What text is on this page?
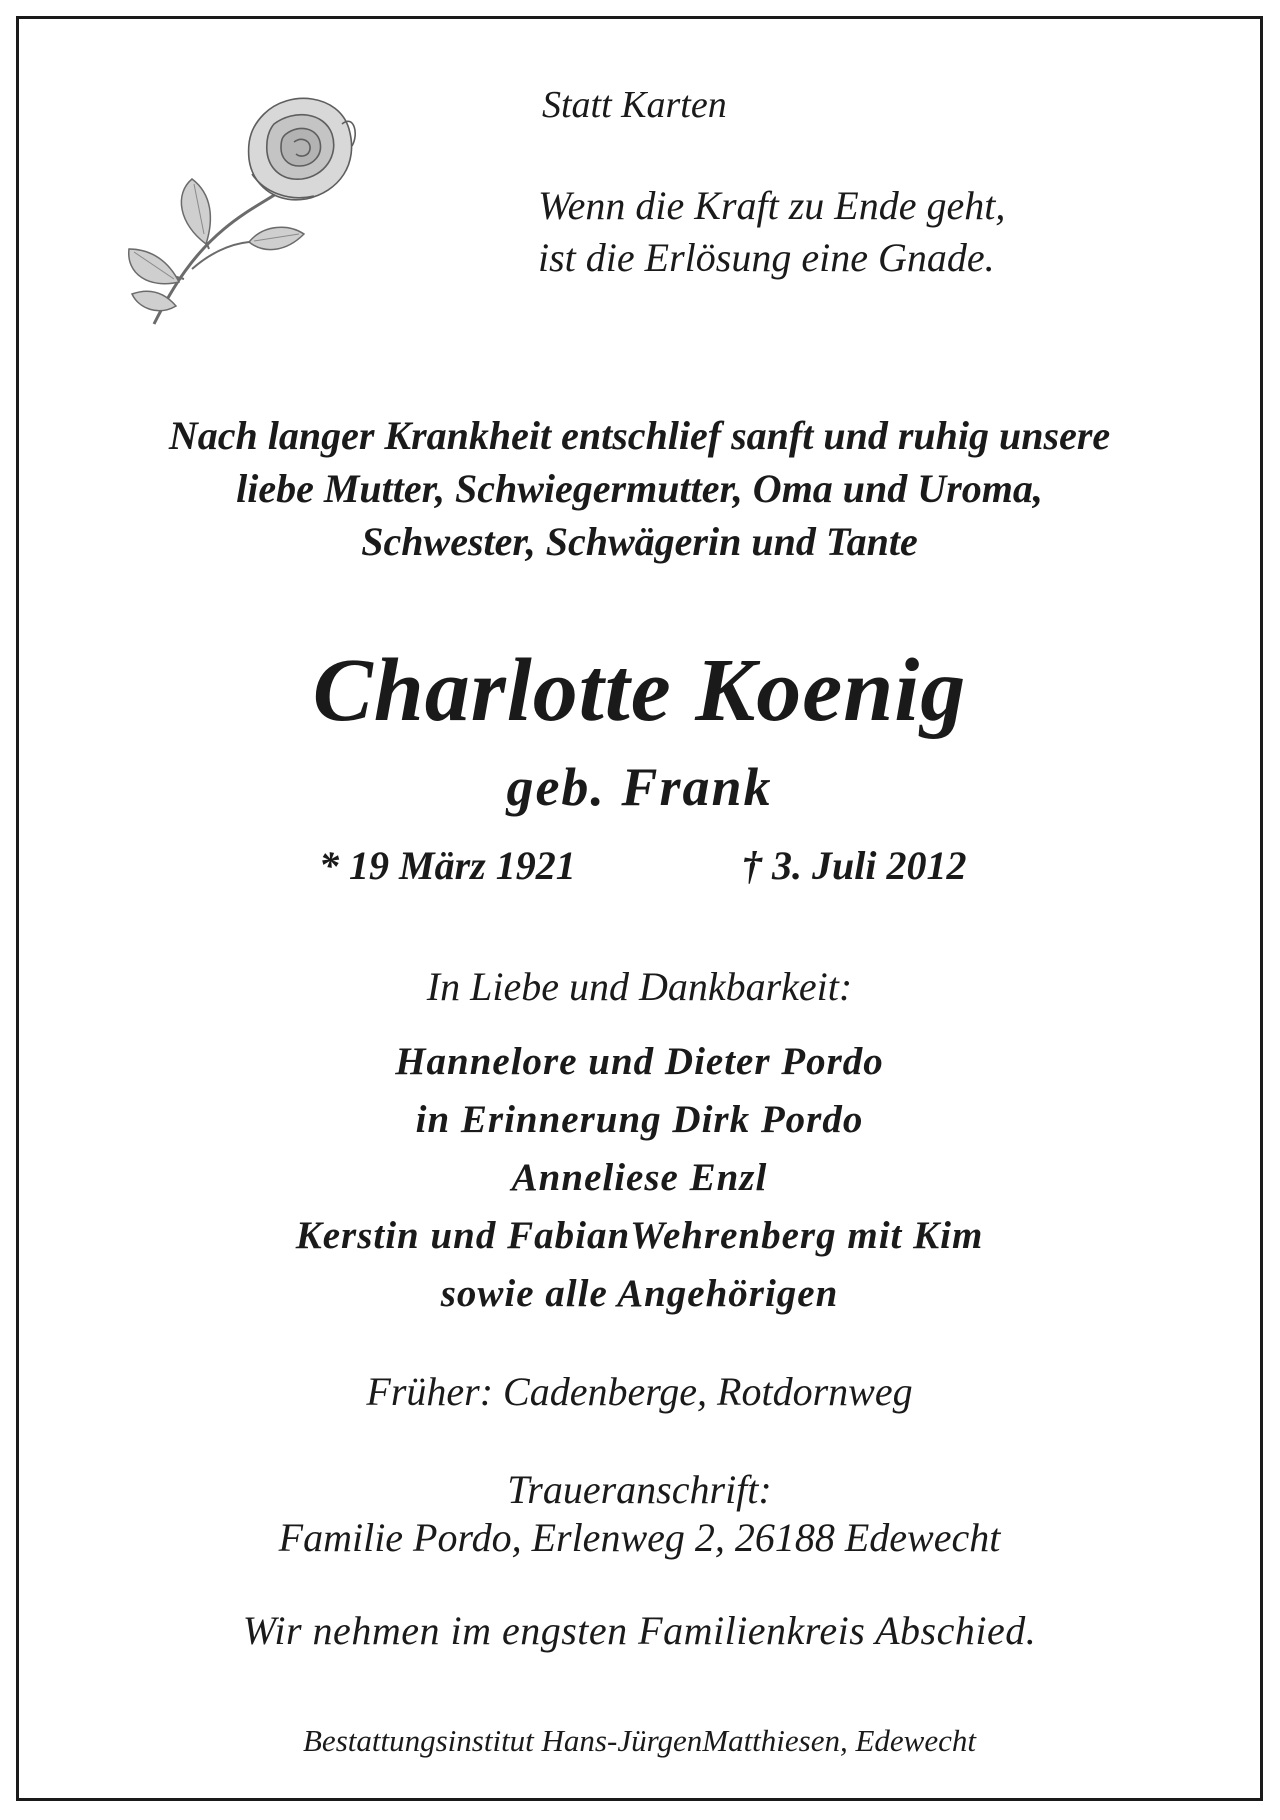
Statt Karten
Wenn die Kraft zu Ende geht,
ist die Erlösung eine Gnade.
Nach langer Krankheit entschlief sanft und ruhig unsere
liebe Mutter, Schwiegermutter, Oma und Uroma,
Schwester, Schwägerin und Tante
Charlotte Koenig
geb. Frank
* 19 März 1921	† 3. Juli 2012
In Liebe und Dankbarkeit:
Hannelore und Dieter Pordo
in Erinnerung Dirk Pordo
Anneliese Enzl
Kerstin und FabianWehrenberg mit Kim
sowie alle Angehörigen
Früher: Cadenberge, Rotdornweg
Traueranschrift:
Familie Pordo, Erlenweg 2, 26188 Edewecht
Wir nehmen im engsten Familienkreis Abschied.
Bestattungsinstitut Hans-JürgenMatthiesen, Edewecht
